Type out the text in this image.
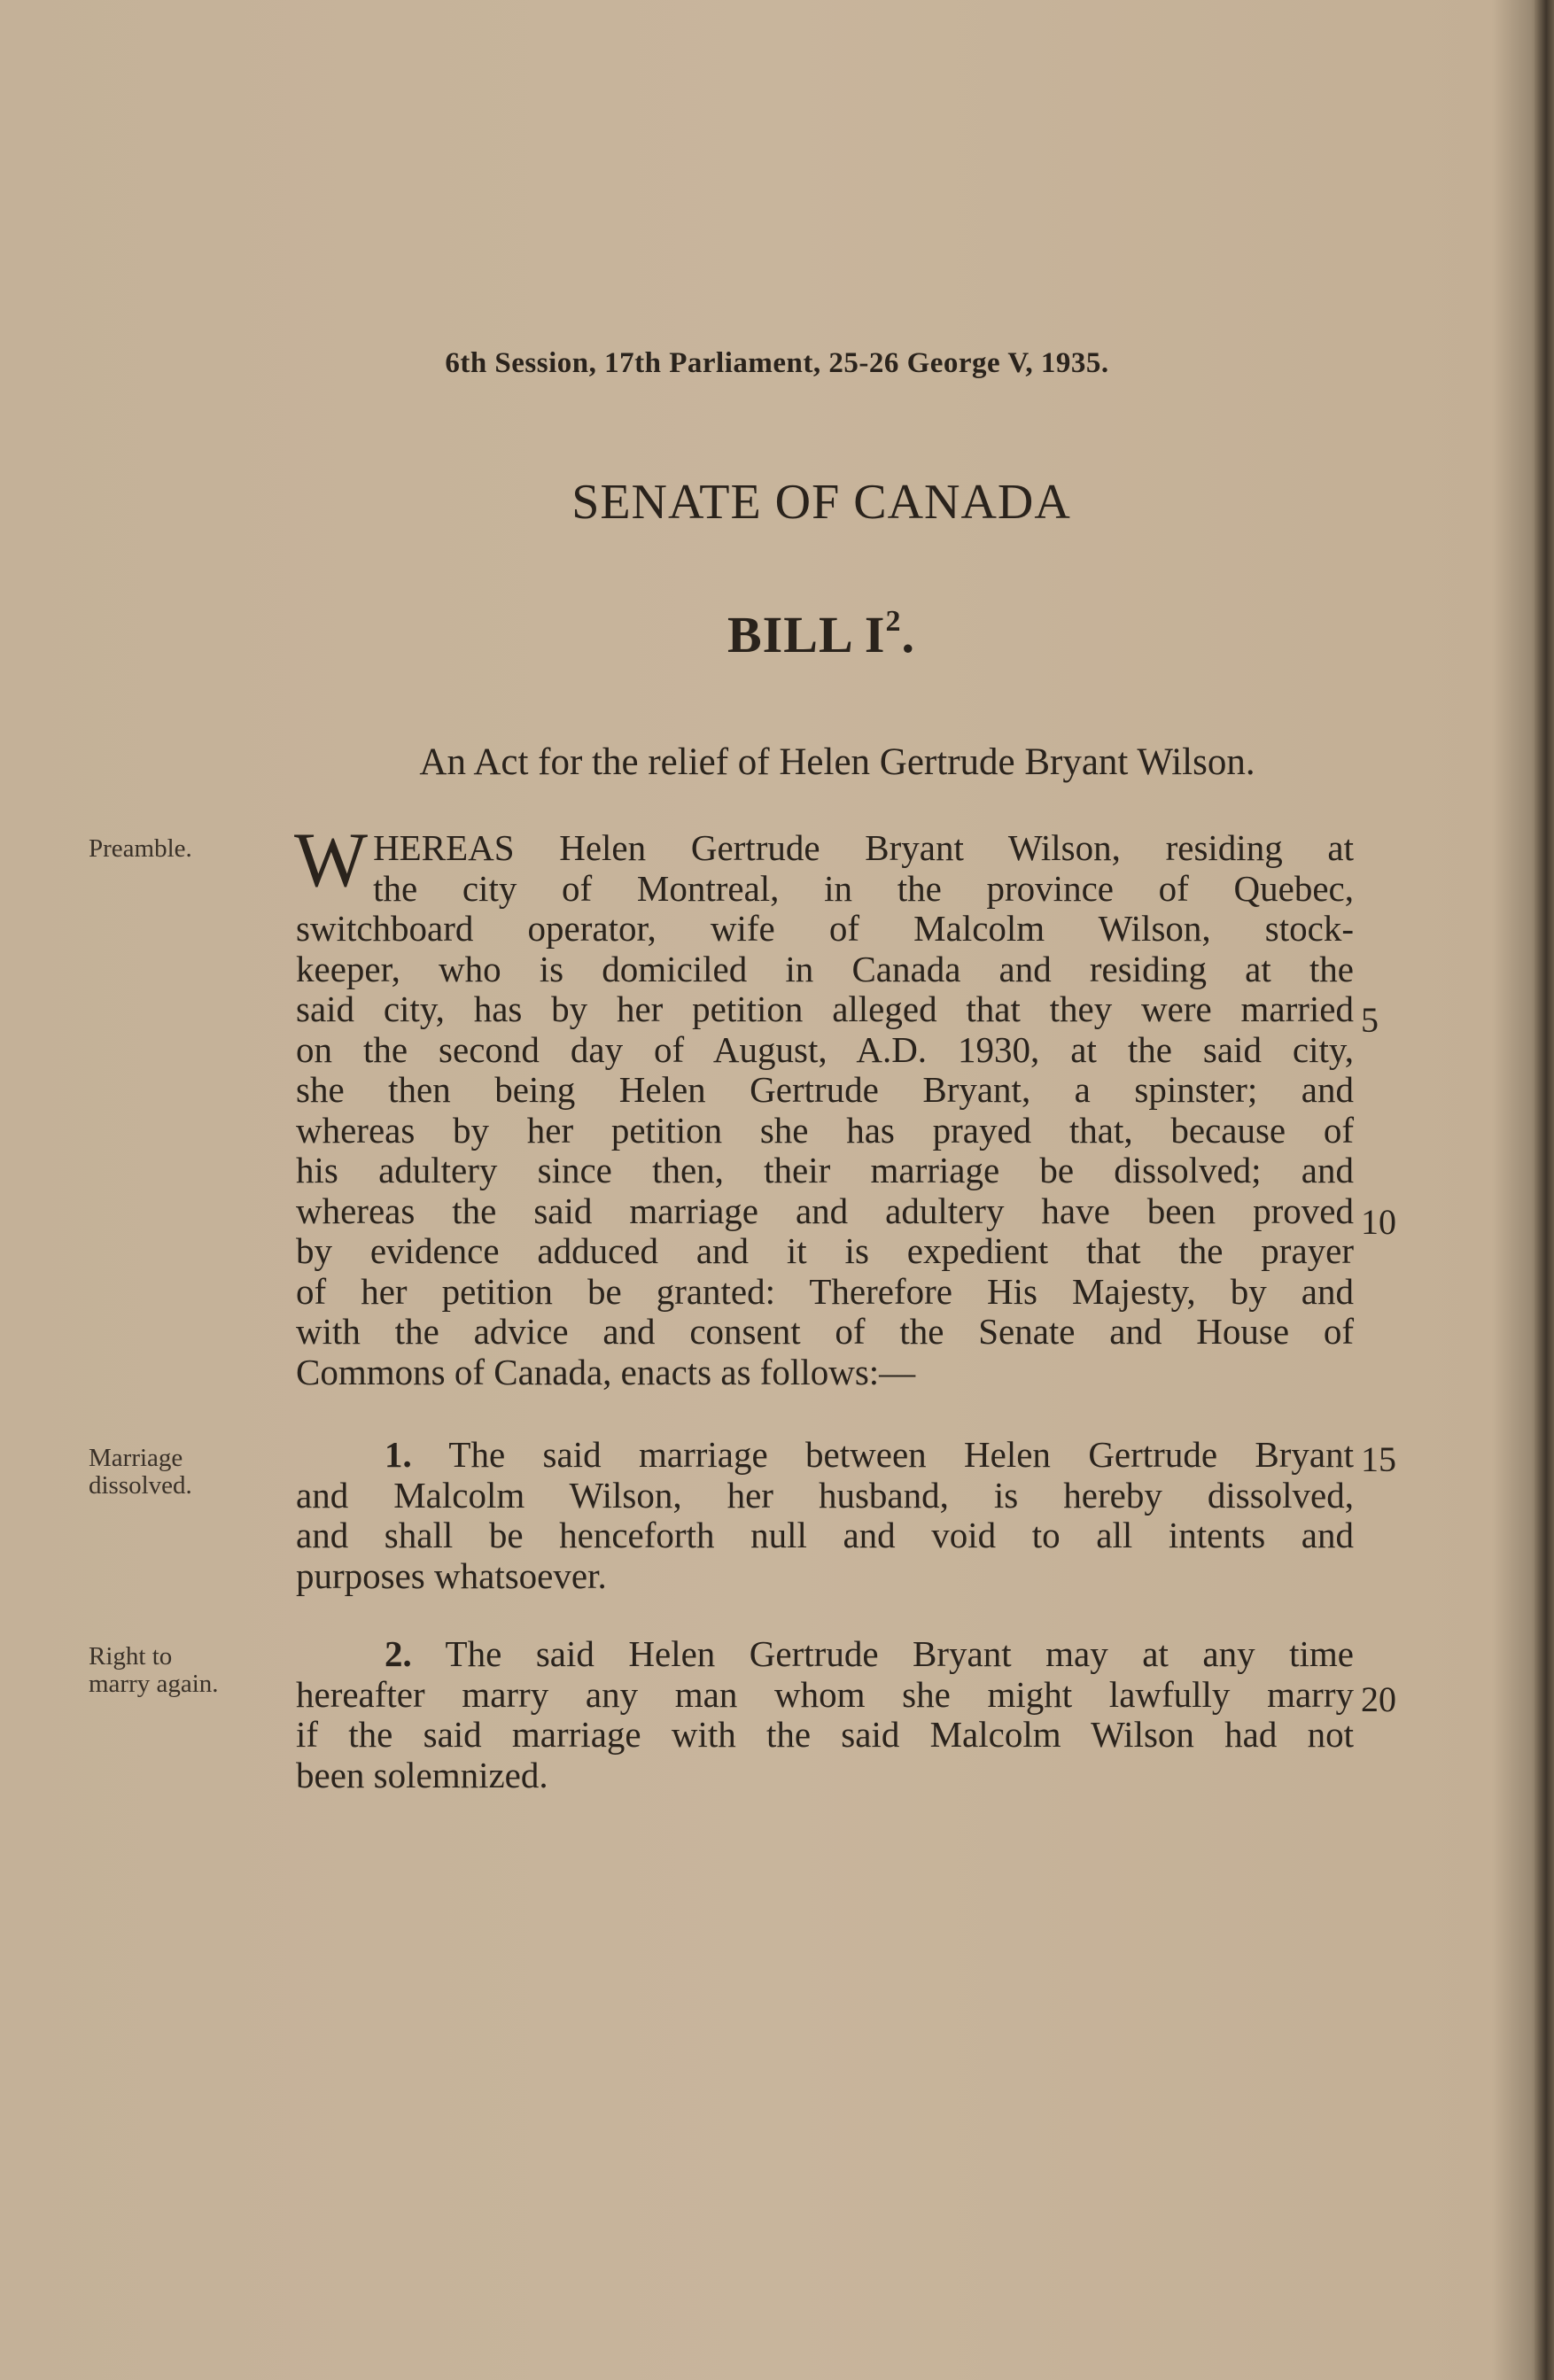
6th Session, 17th Parliament, 25-26 George V, 1935.
SENATE OF CANADA
BILL $I^2$.
An Act for the relief of Helen Gertrude Bryant Wilson.
Preamble.
Marriage
dissolved.
Right to
marry again.
W HEREAS Helen Gertrude Bryant Wilson, residing at
the city of Montreal, in the province of Quebec,
switchboard operator, wife of Malcolm Wilson, stock-
keeper, who is domiciled in Canada and residing at the
said city, has by her petition alleged that they were married
on the second day of August, A.D. 1930, at the said city,
she then being Helen Gertrude Bryant, a spinster; and
whereas by her petition she has prayed that, because of
his adultery since then, their marriage be dissolved; and
whereas the said marriage and adultery have been proved
by evidence adduced and it is expedient that the prayer
of her petition be granted: Therefore His Majesty, by and
with the advice and consent of the Senate and House of
Commons of Canada, enacts as follows:—
1. The said marriage between Helen Gertrude Bryant
and Malcolm Wilson, her husband, is hereby dissolved,
and shall be henceforth null and void to all intents and
purposes whatsoever.
2. The said Helen Gertrude Bryant may at any time
hereafter marry any man whom she might lawfully marry
if the said marriage with the said Malcolm Wilson had not
been solemnized.
5
10
15
20
